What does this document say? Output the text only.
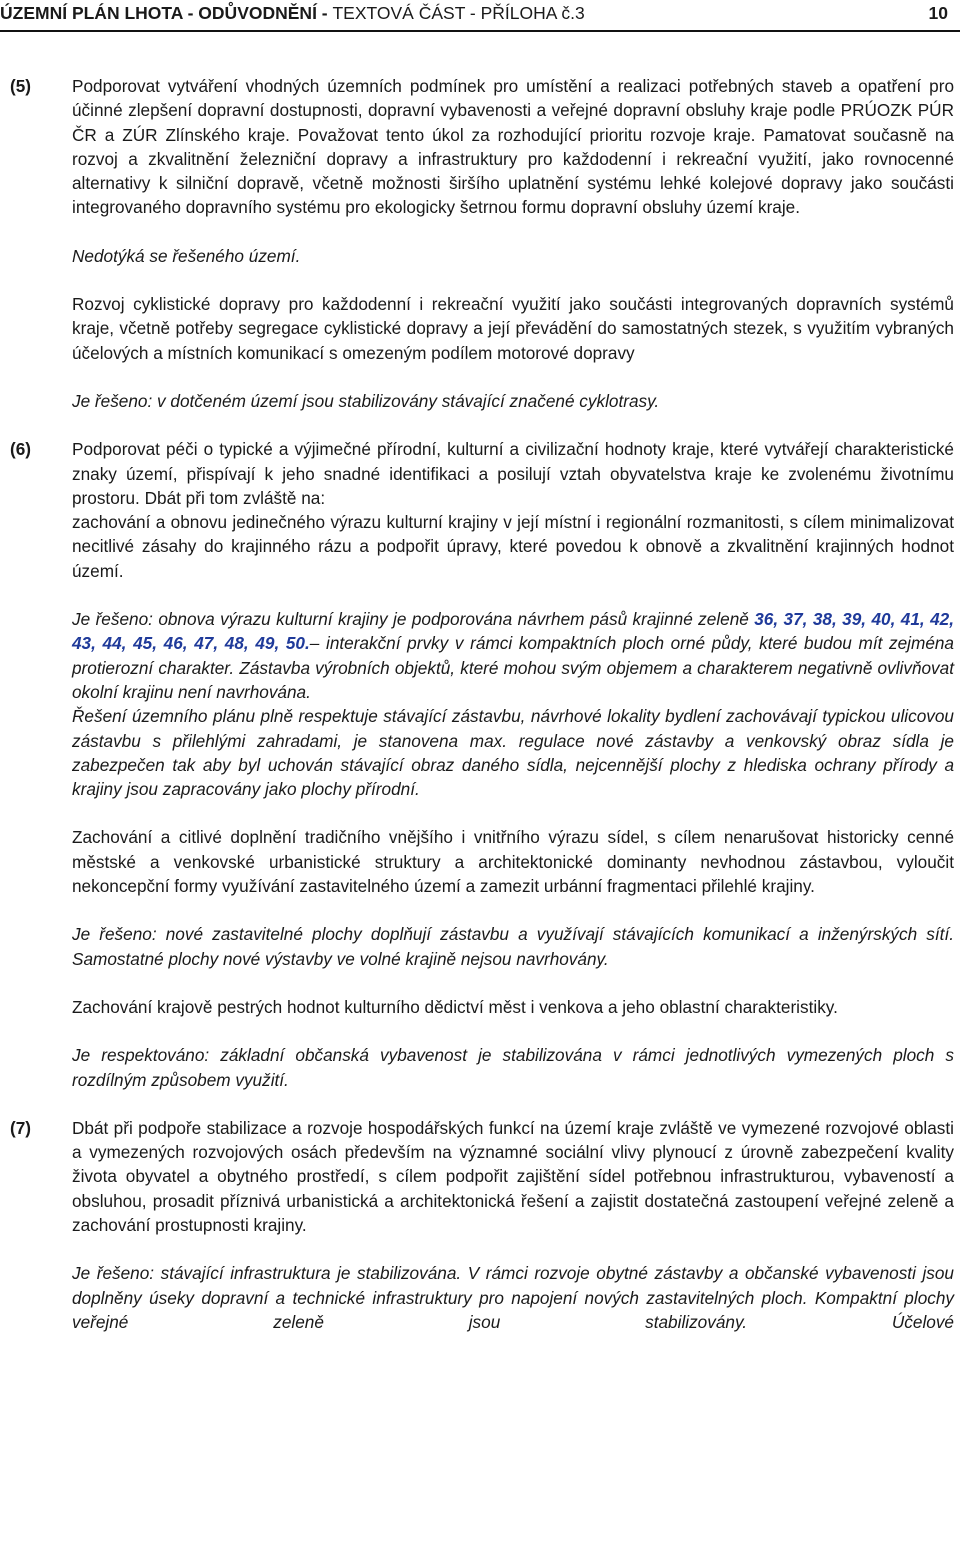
ÚZEMNÍ PLÁN LHOTA - ODŮVODNĚNÍ - TEXTOVÁ ČÁST - PŘÍLOHA č.3	10
(5) Podporovat vytváření vhodných územních podmínek pro umístění a realizaci potřebných staveb a opatření pro účinné zlepšení dopravní dostupnosti, dopravní vybavenosti a veřejné dopravní obsluhy kraje podle PRÚOZK PÚR ČR a ZÚR Zlínského kraje. Považovat tento úkol za rozhodující prioritu rozvoje kraje. Pamatovat současně na rozvoj a zkvalitnění železniční dopravy a infrastruktury pro každodenní i rekreační využití, jako rovnocenné alternativy k silniční dopravě, včetně možnosti širšího uplatnění systému lehké kolejové dopravy jako součásti integrovaného dopravního systému pro ekologicky šetrnou formu dopravní obsluhy území kraje.

Nedotýká se řešeného území.

Rozvoj cyklistické dopravy pro každodenní i rekreační využití jako součásti integrovaných dopravních systémů kraje, včetně potřeby segregace cyklistické dopravy a její převádění do samostatných stezek, s využitím vybraných účelových a místních komunikací s omezeným podílem motorové dopravy

Je řešeno: v dotčeném území jsou stabilizovány stávající značené cyklotrasy.

(6) Podporovat péči o typické a výjimečné přírodní, kulturní a civilizační hodnoty kraje, které vytvářejí charakteristické znaky území, přispívají k jeho snadné identifikaci a posilují vztah obyvatelstva kraje ke zvolenému životnímu prostoru. Dbát při tom zvláště na:

zachování a obnovu jedinečného výrazu kulturní krajiny v její místní i regionální rozmanitosti, s cílem minimalizovat necitlivé zásahy do krajinného rázu a podpořit úpravy, které povedou k obnově a zkvalitnění krajinných hodnot území.

Je řešeno: obnova výrazu kulturní krajiny je podporována návrhem pásů krajinné zeleně 36, 37, 38, 39, 40, 41, 42, 43, 44, 45, 46, 47, 48, 49, 50.– interakční prvky v rámci kompaktních ploch orné půdy, které budou mít zejména protierozní charakter. Zástavba výrobních objektů, které mohou svým objemem a charakterem negativně ovlivňovat okolní krajinu není navrhována.

Řešení územního plánu plně respektuje stávající zástavbu, návrhové lokality bydlení zachovávají typickou ulicovou zástavbu s přilehlými zahradami, je stanovena max. regulace nové zástavby a venkovský obraz sídla je zabezpečen tak aby byl uchován stávající obraz daného sídla, nejcennější plochy z hlediska ochrany přírody a krajiny jsou zapracovány jako plochy přírodní.

Zachování a citlivé doplnění tradičního vnějšího i vnitřního výrazu sídel, s cílem nenarušovat historicky cenné městské a venkovské urbanistické struktury a architektonické dominanty nevhodnou zástavbou, vyloučit nekoncepční formy využívání zastavitelného území a zamezit urbánní fragmentaci přilehlé krajiny.

Je řešeno: nové zastavitelné plochy doplňují zástavbu a využívají stávajících komunikací a inženýrských sítí. Samostatné plochy nové výstavby ve volné krajině nejsou navrhovány.

Zachování krajově pestrých hodnot kulturního dědictví měst i venkova a jeho oblastní charakteristiky.

Je respektováno: základní občanská vybavenost je stabilizována v rámci jednotlivých vymezených ploch s rozdílným způsobem využití.

(7) Dbát při podpoře stabilizace a rozvoje hospodářských funkcí na území kraje zvláště ve vymezené rozvojové oblasti a vymezených rozvojových osách především na významné sociální vlivy plynoucí z úrovně zabezpečení kvality života obyvatel a obytného prostředí, s cílem podpořit zajištění sídel potřebnou infrastrukturou, vybaveností a obsluhou, prosadit příznivá urbanistická a architektonická řešení a zajistit dostatečná zastoupení veřejné zeleně a zachování prostupnosti krajiny.

Je řešeno: stávající infrastruktura je stabilizována. V rámci rozvoje obytné zástavby a občanské vybavenosti jsou doplněny úseky dopravní a technické infrastruktury pro napojení nových zastavitelných ploch. Kompaktní plochy veřejné zeleně jsou stabilizovány. Účelové
